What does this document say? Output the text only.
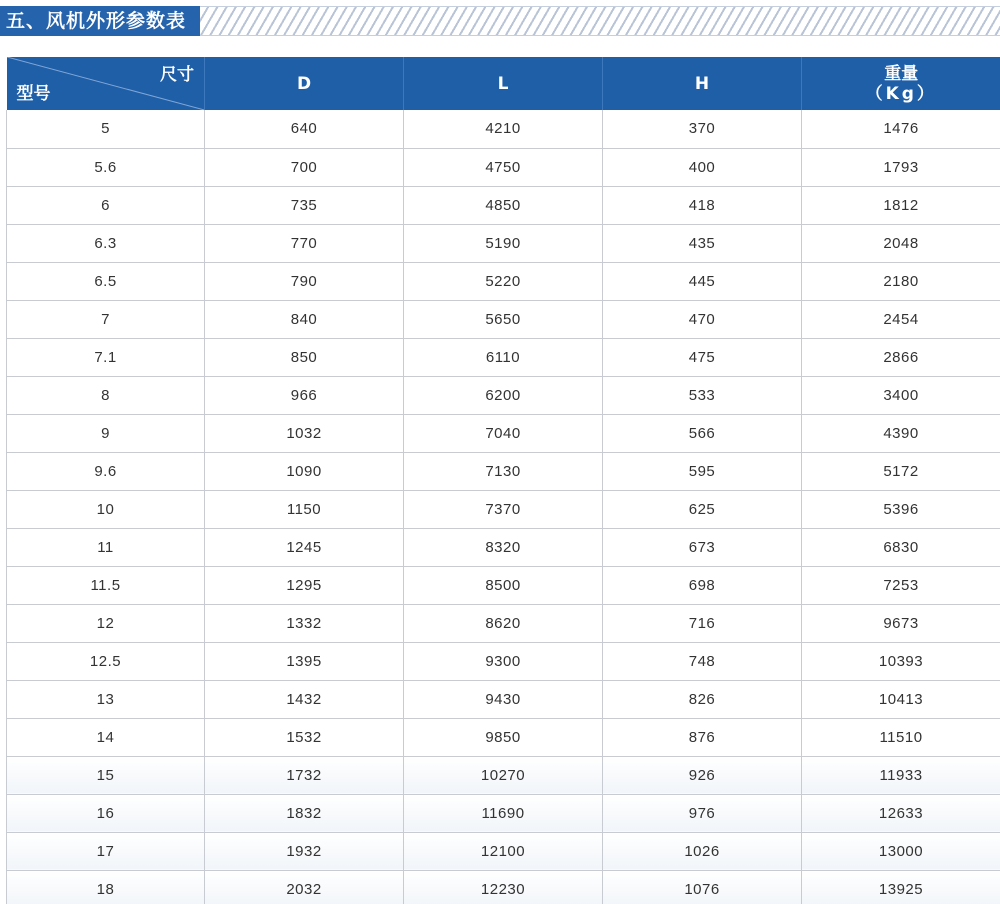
五、风机外形参数表
尺寸
型号	D	L	H	重量
（Kg）

5	640	4210	370	1476
5.6	700	4750	400	1793
6	735	4850	418	1812
6.3	770	5190	435	2048
6.5	790	5220	445	2180
7	840	5650	470	2454
7.1	850	6110	475	2866
8	966	6200	533	3400
9	1032	7040	566	4390
9.6	1090	7130	595	5172
10	1150	7370	625	5396
11	1245	8320	673	6830
11.5	1295	8500	698	7253
12	1332	8620	716	9673
12.5	1395	9300	748	10393
13	1432	9430	826	10413
14	1532	9850	876	11510
15	1732	10270	926	11933
16	1832	11690	976	12633
17	1932	12100	1026	13000
18	2032	12230	1076	13925
